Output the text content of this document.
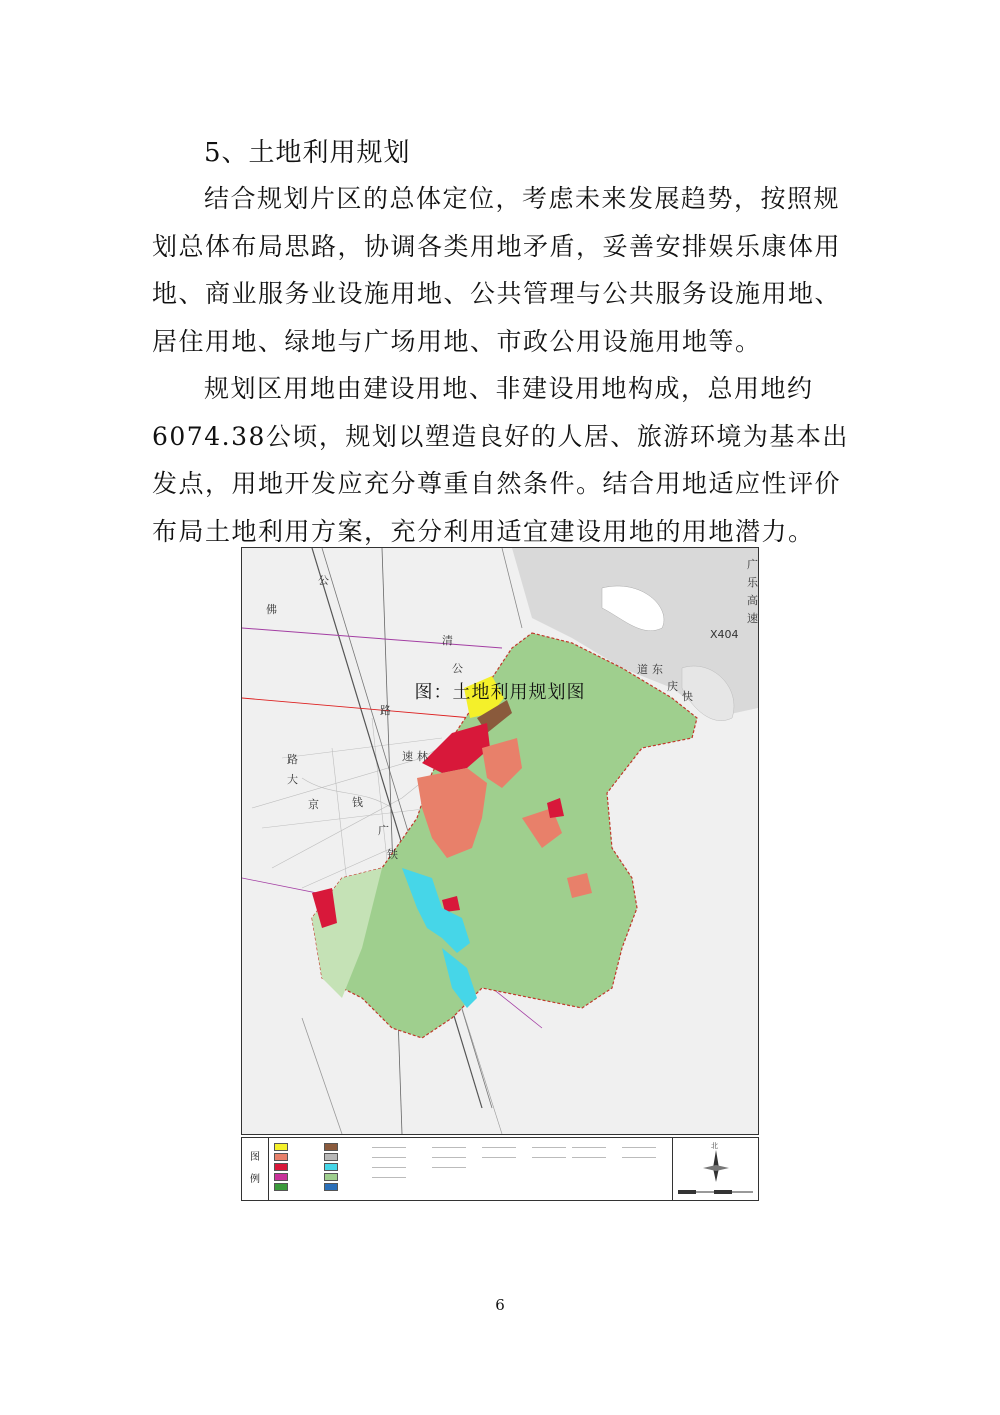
5、土地利用规划

结合规划片区的总体定位，考虑未来发展趋势，按照规划总体布局思路，协调各类用地矛盾，妥善安排娱乐康体用地、商业服务业设施用地、公共管理与公共服务设施用地、居住用地、绿地与广场用地、市政公用设施用地等。

规划区用地由建设用地、非建设用地构成，总用地约6074.38公顷，规划以塑造良好的人居、旅游环境为基本出发点，用地开发应充分尊重自然条件。结合用地适应性评价布局土地利用方案，充分利用适宜建设用地的用地潜力。

X404
广
乐
高
速
公
清
佛
公
路
钱
京
广
铁
路
大
道 东
庆
快
速 林
图
例
北
图：土地利用规划图
6
